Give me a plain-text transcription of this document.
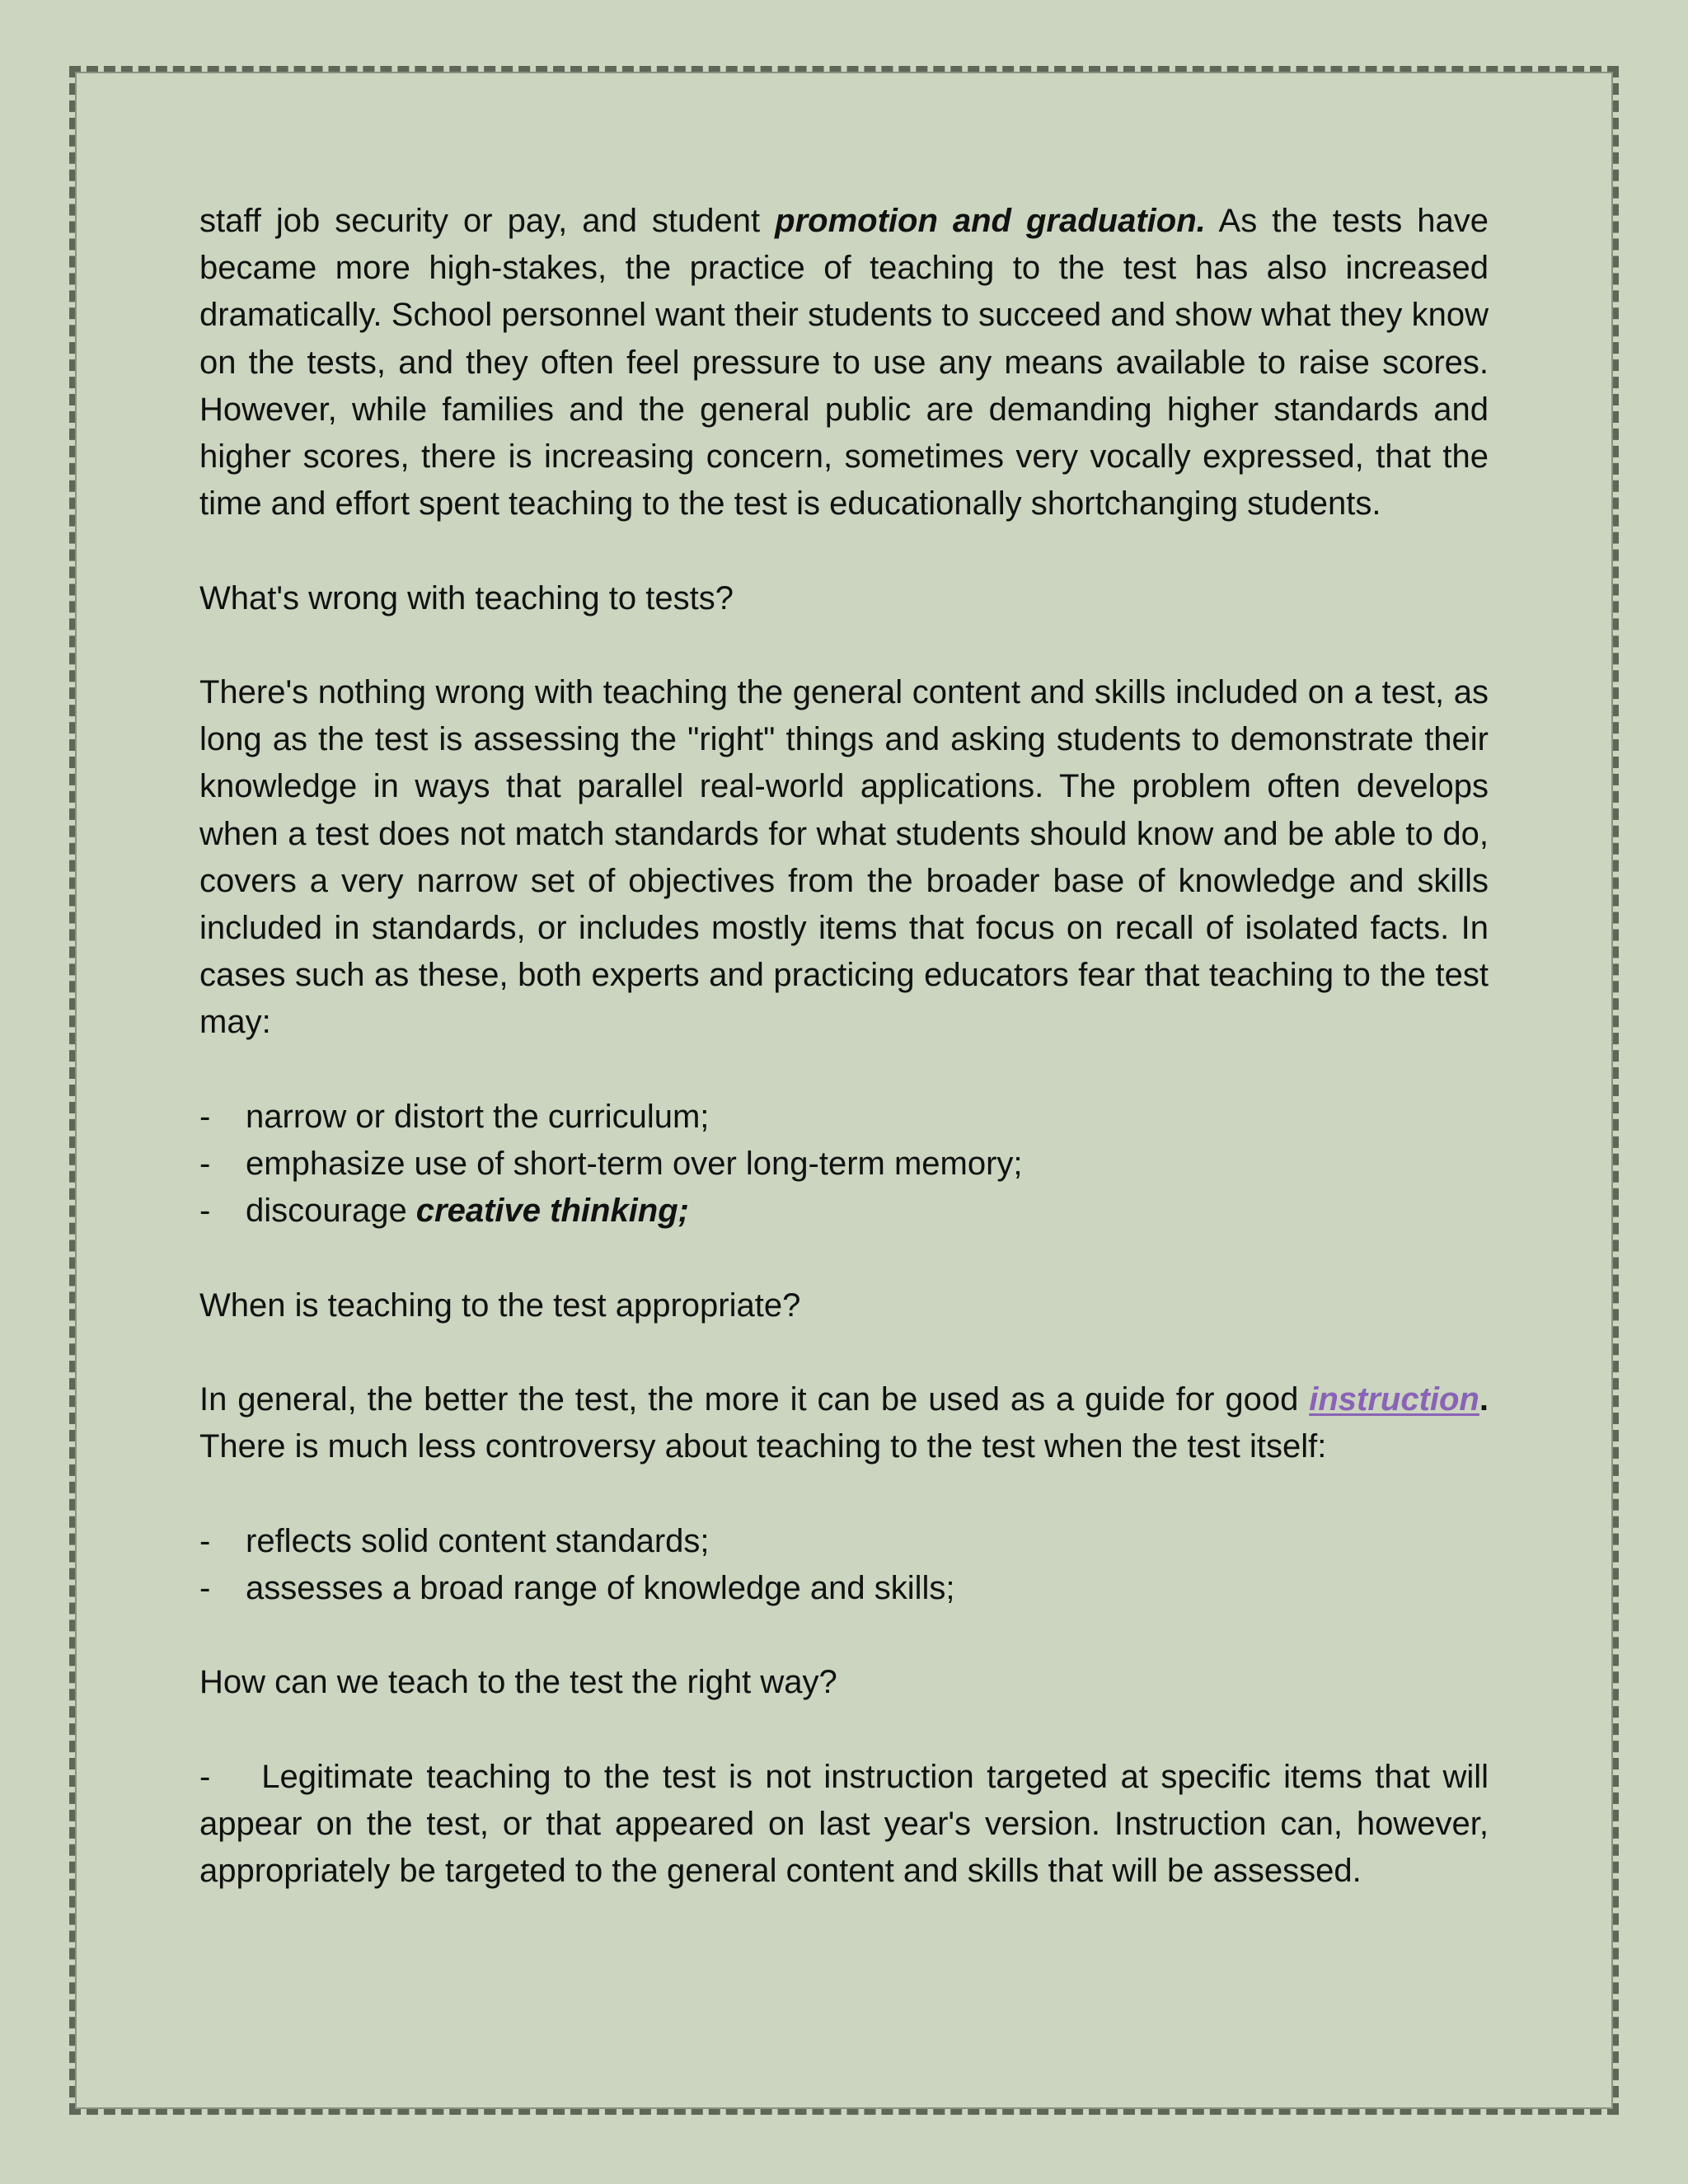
staff job security or pay, and student promotion and graduation. As the tests have became more high-stakes, the practice of teaching to the test has also increased dramatically. School personnel want their students to succeed and show what they know on the tests, and they often feel pressure to use any means available to raise scores. However, while families and the general public are demanding higher standards and higher scores, there is increasing concern, sometimes very vocally expressed, that the time and effort spent teaching to the test is educationally shortchanging students.

What's wrong with teaching to tests?

There's nothing wrong with teaching the general content and skills included on a test, as long as the test is assessing the "right" things and asking students to demonstrate their knowledge in ways that parallel real-world applications. The problem often develops when a test does not match standards for what students should know and be able to do, covers a very narrow set of objectives from the broader base of knowledge and skills included in standards, or includes mostly items that focus on recall of isolated facts. In cases such as these, both experts and practicing educators fear that teaching to the test may:

-	narrow or distort the curriculum;
-	emphasize use of short-term over long-term memory;
-	discourage creative thinking;

When is teaching to the test appropriate?

In general, the better the test, the more it can be used as a guide for good instruction. There is much less controversy about teaching to the test when the test itself:

-	reflects solid content standards;
-	assesses a broad range of knowledge and skills;

How can we teach to the test the right way?

- Legitimate teaching to the test is not instruction targeted at specific items that will appear on the test, or that appeared on last year's version. Instruction can, however, appropriately be targeted to the general content and skills that will be assessed.
